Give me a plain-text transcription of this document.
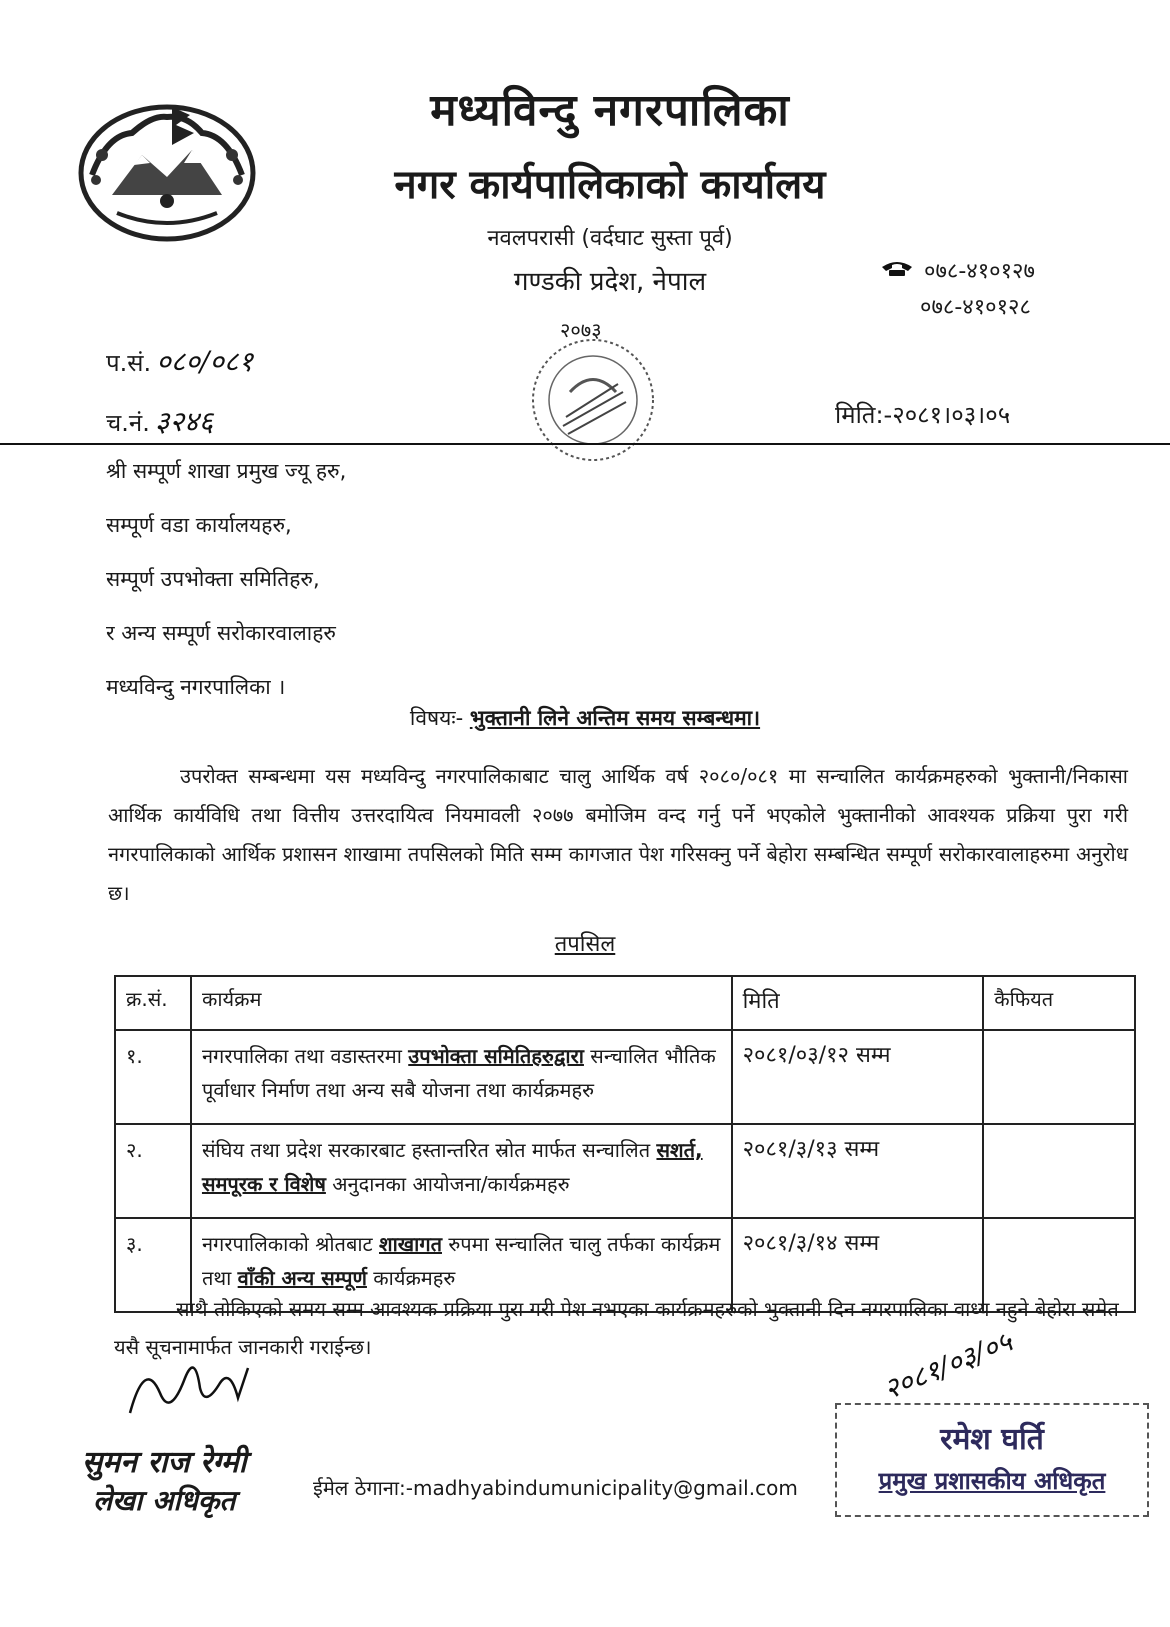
मध्यविन्दु नगरपालिका
नगर कार्यपालिकाको कार्यालय
नवलपरासी (वर्दघाट सुस्ता पूर्व)
गण्डकी प्रदेश, नेपाल	०७८-४१०१२७
०७८-४१०१२८
२०७३
प.सं. ०८०/०८१
च.नं. ३२४६	मिति:-२०८१।०३।०५
श्री सम्पूर्ण शाखा प्रमुख ज्यू हरु,
सम्पूर्ण वडा कार्यालयहरु,
सम्पूर्ण उपभोक्ता समितिहरु,
र अन्य सम्पूर्ण सरोकारवालाहरु
मध्यविन्दु नगरपालिका ।
विषयः- भुक्तानी लिने अन्तिम समय सम्बन्धमा।
उपरोक्त सम्बन्धमा यस मध्यविन्दु नगरपालिकाबाट चालु आर्थिक वर्ष २०८०/०८१ मा सन्चालित कार्यक्रमहरुको भुक्तानी/निकासा आर्थिक कार्यविधि तथा वित्तीय उत्तरदायित्व नियमावली २०७७ बमोजिम वन्द गर्नु पर्ने भएकोले भुक्तानीको आवश्यक प्रक्रिया पुरा गरी नगरपालिकाको आर्थिक प्रशासन शाखामा तपसिलको मिति सम्म कागजात पेश गरिसक्नु पर्ने बेहोरा सम्बन्धित सम्पूर्ण सरोकारवालाहरुमा अनुरोध छ।
तपसिल
क्र.सं.	कार्यक्रम	मिति	कैफियत
१.	नगरपालिका तथा वडास्तरमा उपभोक्ता समितिहरुद्वारा सन्चालित भौतिक पूर्वाधार निर्माण तथा अन्य सबै योजना तथा कार्यक्रमहरु	२०८१/०३/१२ सम्म	
२.	संघिय तथा प्रदेश सरकारबाट हस्तान्तरित स्रोत मार्फत सन्चालित सशर्त, समपूरक र विशेष अनुदानका आयोजना/कार्यक्रमहरु	२०८१/३/१३ सम्म	
३.	नगरपालिकाको श्रोतबाट शाखागत रुपमा सन्चालित चालु तर्फका कार्यक्रम तथा वाँकी अन्य सम्पूर्ण कार्यक्रमहरु	२०८१/३/१४ सम्म	
साथै तोकिएको समय सम्म आवश्यक प्रक्रिया पुरा गरी पेश नभएका कार्यक्रमहरुको भुक्तानी दिन नगरपालिका वाध्य नहुने बेहोरा समेत यसै सूचनामार्फत जानकारी गराईन्छ।
सुमन राज रेग्मी
लेखा अधिकृत	ईमेल ठेगाना:-madhyabindumunicipality@gmail.com
२०८१/०३/०५
रमेश घर्ति
प्रमुख प्रशासकीय अधिकृत
